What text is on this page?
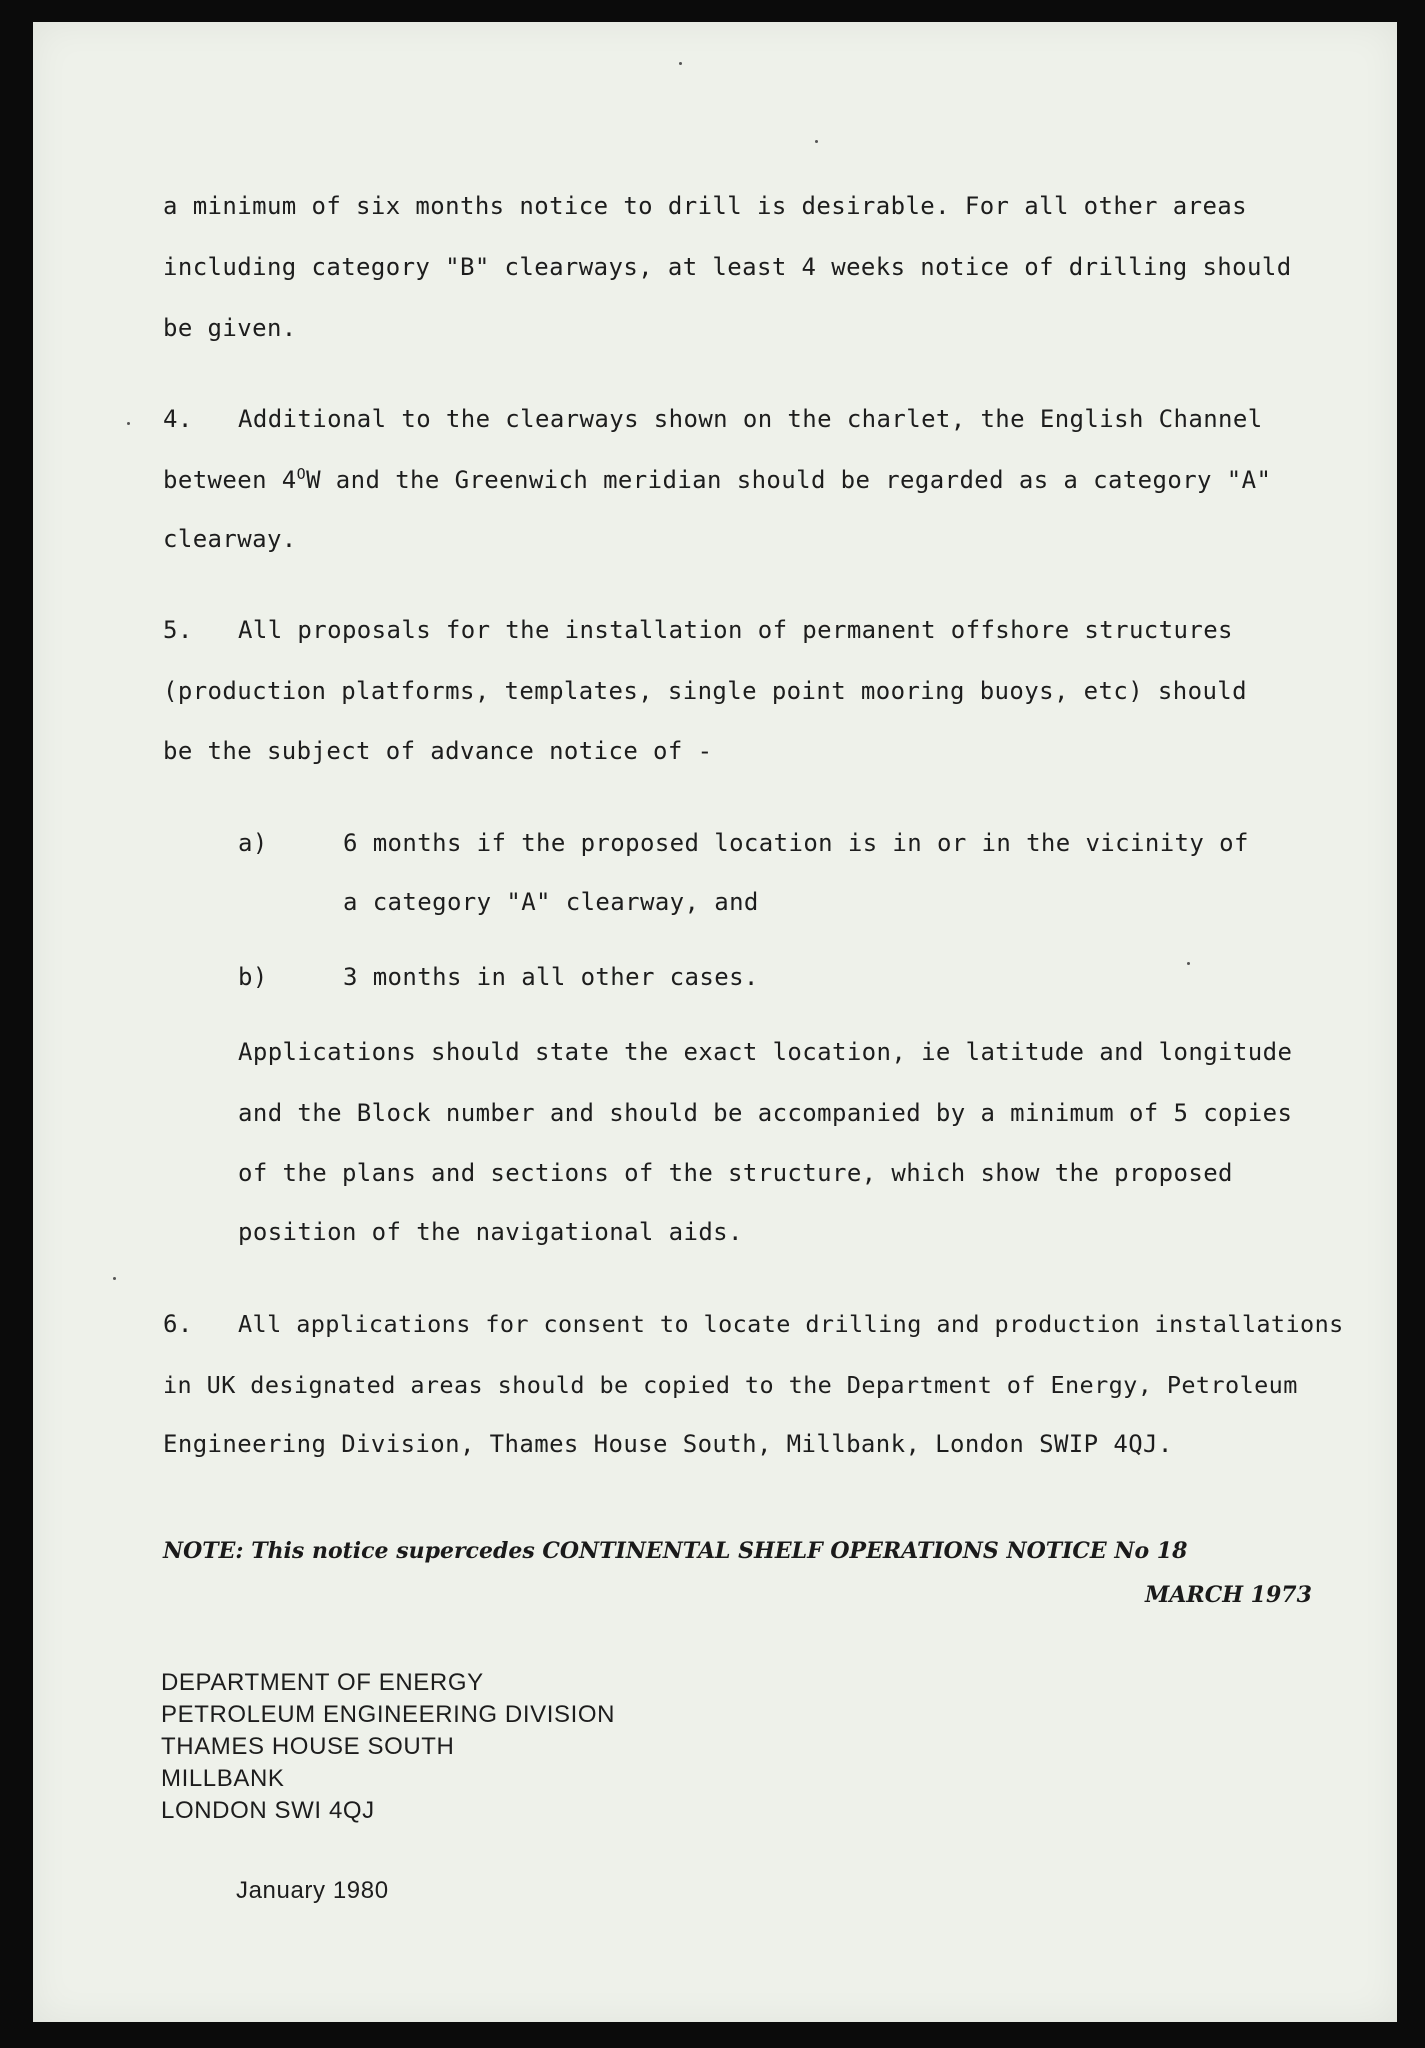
a minimum of six months notice to drill is desirable. For all other areas
including category "B" clearways, at least 4 weeks notice of drilling should
be given.
4. Additional to the clearways shown on the charlet, the English Channel
between $4^OW$ and the Greenwich meridian should be regarded as a category "A"
clearway.
5. All proposals for the installation of permanent offshore structures
(production platforms, templates, single point mooring buoys, etc) should
be the subject of advance notice of -
a)	6 months if the proposed location is in or in the vicinity of
a category "A" clearway, and
b)	3 months in all other cases.
Applications should state the exact location, ie latitude and longitude
and the Block number and should be accompanied by a minimum of 5 copies
of the plans and sections of the structure, which show the proposed
position of the navigational aids.
6. All applications for consent to locate drilling and production installations
in UK designated areas should be copied to the Department of Energy, Petroleum
Engineering Division, Thames House South, Millbank, London SWIP 4QJ.
NOTE: This notice supercedes CONTINENTAL SHELF OPERATIONS NOTICE No 18
MARCH 1973
DEPARTMENT OF ENERGY
PETROLEUM ENGINEERING DIVISION
THAMES HOUSE SOUTH
MILLBANK
LONDON SWI 4QJ
January 1980
